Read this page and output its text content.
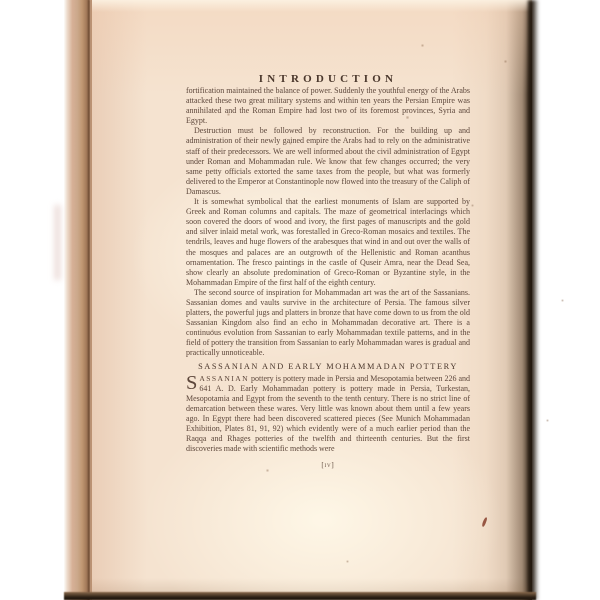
INTRODUCTION

fortification maintained the balance of power. Suddenly the youthful energy of the Arabs attacked these two great military systems and within ten years the Persian Empire was annihilated and the Roman Empire had lost two of its foremost provinces, Syria and Egypt.

Destruction must be followed by reconstruction. For the building up and administration of their newly gained empire the Arabs had to rely on the administrative staff of their predecessors. We are well informed about the civil administration of Egypt under Roman and Mohammadan rule. We know that few changes occurred; the very same petty officials extorted the same taxes from the people, but what was formerly delivered to the Emperor at Constantinople now flowed into the treasury of the Caliph of Damascus.

It is somewhat symbolical that the earliest monuments of Islam are supported by Greek and Roman columns and capitals. The maze of geometrical interlacings which soon covered the doors of wood and ivory, the first pages of manuscripts and the gold and silver inlaid metal work, was forestalled in Greco-Roman mosaics and textiles. The tendrils, leaves and huge flowers of the arabesques that wind in and out over the walls of the mosques and palaces are an outgrowth of the Hellenistic and Roman acanthus ornamentation. The fresco paintings in the castle of Quseir Amra, near the Dead Sea, show clearly an absolute predomination of Greco-Roman or Byzantine style, in the Mohammadan Empire of the first half of the eighth century.

The second source of inspiration for Mohammadan art was the art of the Sassanians. Sassanian domes and vaults survive in the architecture of Persia. The famous silver platters, the powerful jugs and platters in bronze that have come down to us from the old Sassanian Kingdom also find an echo in Mohammadan decorative art. There is a continuous evolution from Sassanian to early Mohammadan textile patterns, and in the field of pottery the transition from Sassanian to early Mohammadan wares is gradual and practically unnoticeable.

SASSANIAN AND EARLY MOHAMMADAN POTTERY

SASSANIAN pottery is pottery made in Persia and Mesopotamia between 226 and 641 A. D. Early Mohammadan pottery is pottery made in Persia, Turkestan, Mesopotamia and Egypt from the seventh to the tenth century. There is no strict line of demarcation between these wares. Very little was known about them until a few years ago. In Egypt there had been discovered scattered pieces (See Munich Mohammadan Exhibition, Plates 81, 91, 92) which evidently were of a much earlier period than the Raqqa and Rhages potteries of the twelfth and thirteenth centuries. But the first discoveries made with scientific methods were

[iv]
